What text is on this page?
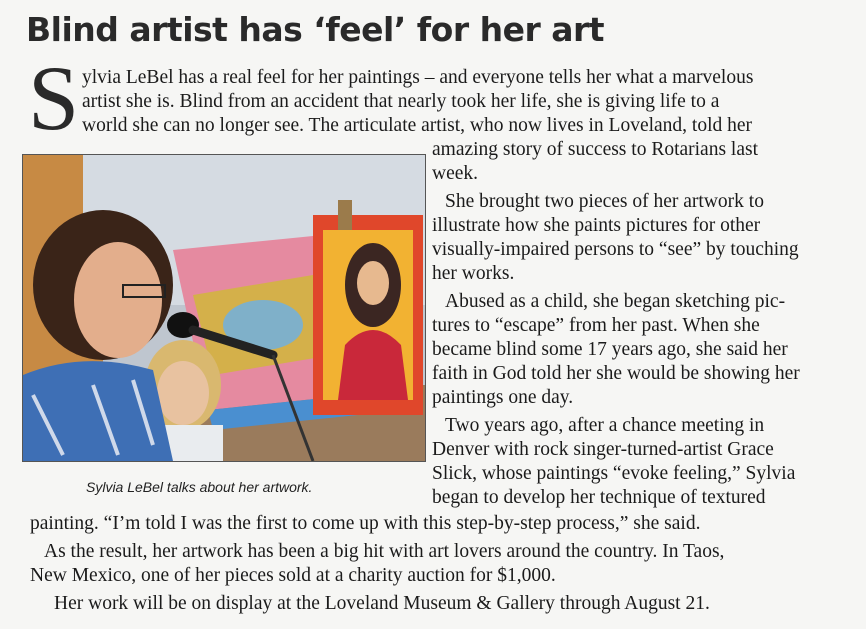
Blind artist has ‘feel’ for her art
S ylvia LeBel has a real feel for her paintings – and everyone tells her what a marvelous

artist she is. Blind from an accident that nearly took her life, she is giving life to a

world she can no longer see. The articulate artist, who now lives in Loveland, told her

amazing story of success to Rotarians last

week.

She brought two pieces of her artwork to

illustrate how she paints pictures for other

visually-impaired persons to “see” by touching

her works.

Abused as a child, she began sketching pic-

tures to “escape” from her past. When she

became blind some 17 years ago, she said her

faith in God told her she would be showing her

paintings one day.

Two years ago, after a chance meeting in

Denver with rock singer-turned-artist Grace

Slick, whose paintings “evoke feeling,” Sylvia

began to develop her technique of textured

painting. “I’m told I was the first to come up with this step-by-step process,” she said.

As the result, her artwork has been a big hit with art lovers around the country. In Taos,

New Mexico, one of her pieces sold at a charity auction for $1,000.

Her work will be on display at the Loveland Museum & Gallery through August 21.

Sylvia LeBel talks about her artwork.
